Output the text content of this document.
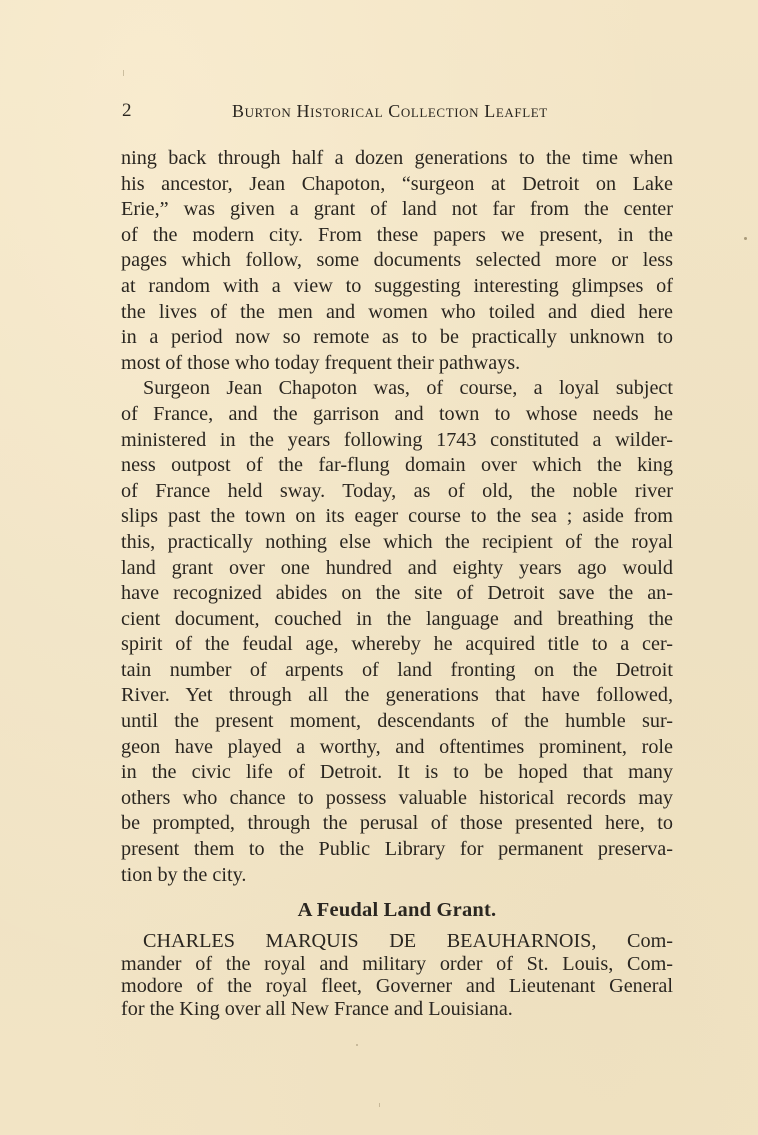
2	Burton Historical Collection Leaflet
ning back through half a dozen generations to the time when
his ancestor, Jean Chapoton, “surgeon at Detroit on Lake
Erie,” was given a grant of land not far from the center
of the modern city. From these papers we present, in the
pages which follow, some documents selected more or less
at random with a view to suggesting interesting glimpses of
the lives of the men and women who toiled and died here
in a period now so remote as to be practically unknown to
most of those who today frequent their pathways.
Surgeon Jean Chapoton was, of course, a loyal subject
of France, and the garrison and town to whose needs he
ministered in the years following 1743 constituted a wilder-
ness outpost of the far-flung domain over which the king
of France held sway. Today, as of old, the noble river
slips past the town on its eager course to the sea ; aside from
this, practically nothing else which the recipient of the royal
land grant over one hundred and eighty years ago would
have recognized abides on the site of Detroit save the an-
cient document, couched in the language and breathing the
spirit of the feudal age, whereby he acquired title to a cer-
tain number of arpents of land fronting on the Detroit
River. Yet through all the generations that have followed,
until the present moment, descendants of the humble sur-
geon have played a worthy, and oftentimes prominent, role
in the civic life of Detroit. It is to be hoped that many
others who chance to possess valuable historical records may
be prompted, through the perusal of those presented here, to
present them to the Public Library for permanent preserva-
tion by the city.
A Feudal Land Grant.
CHARLES MARQUIS DE BEAUHARNOIS, Com-
mander of the royal and military order of St. Louis, Com-
modore of the royal fleet, Governer and Lieutenant General
for the King over all New France and Louisiana.
